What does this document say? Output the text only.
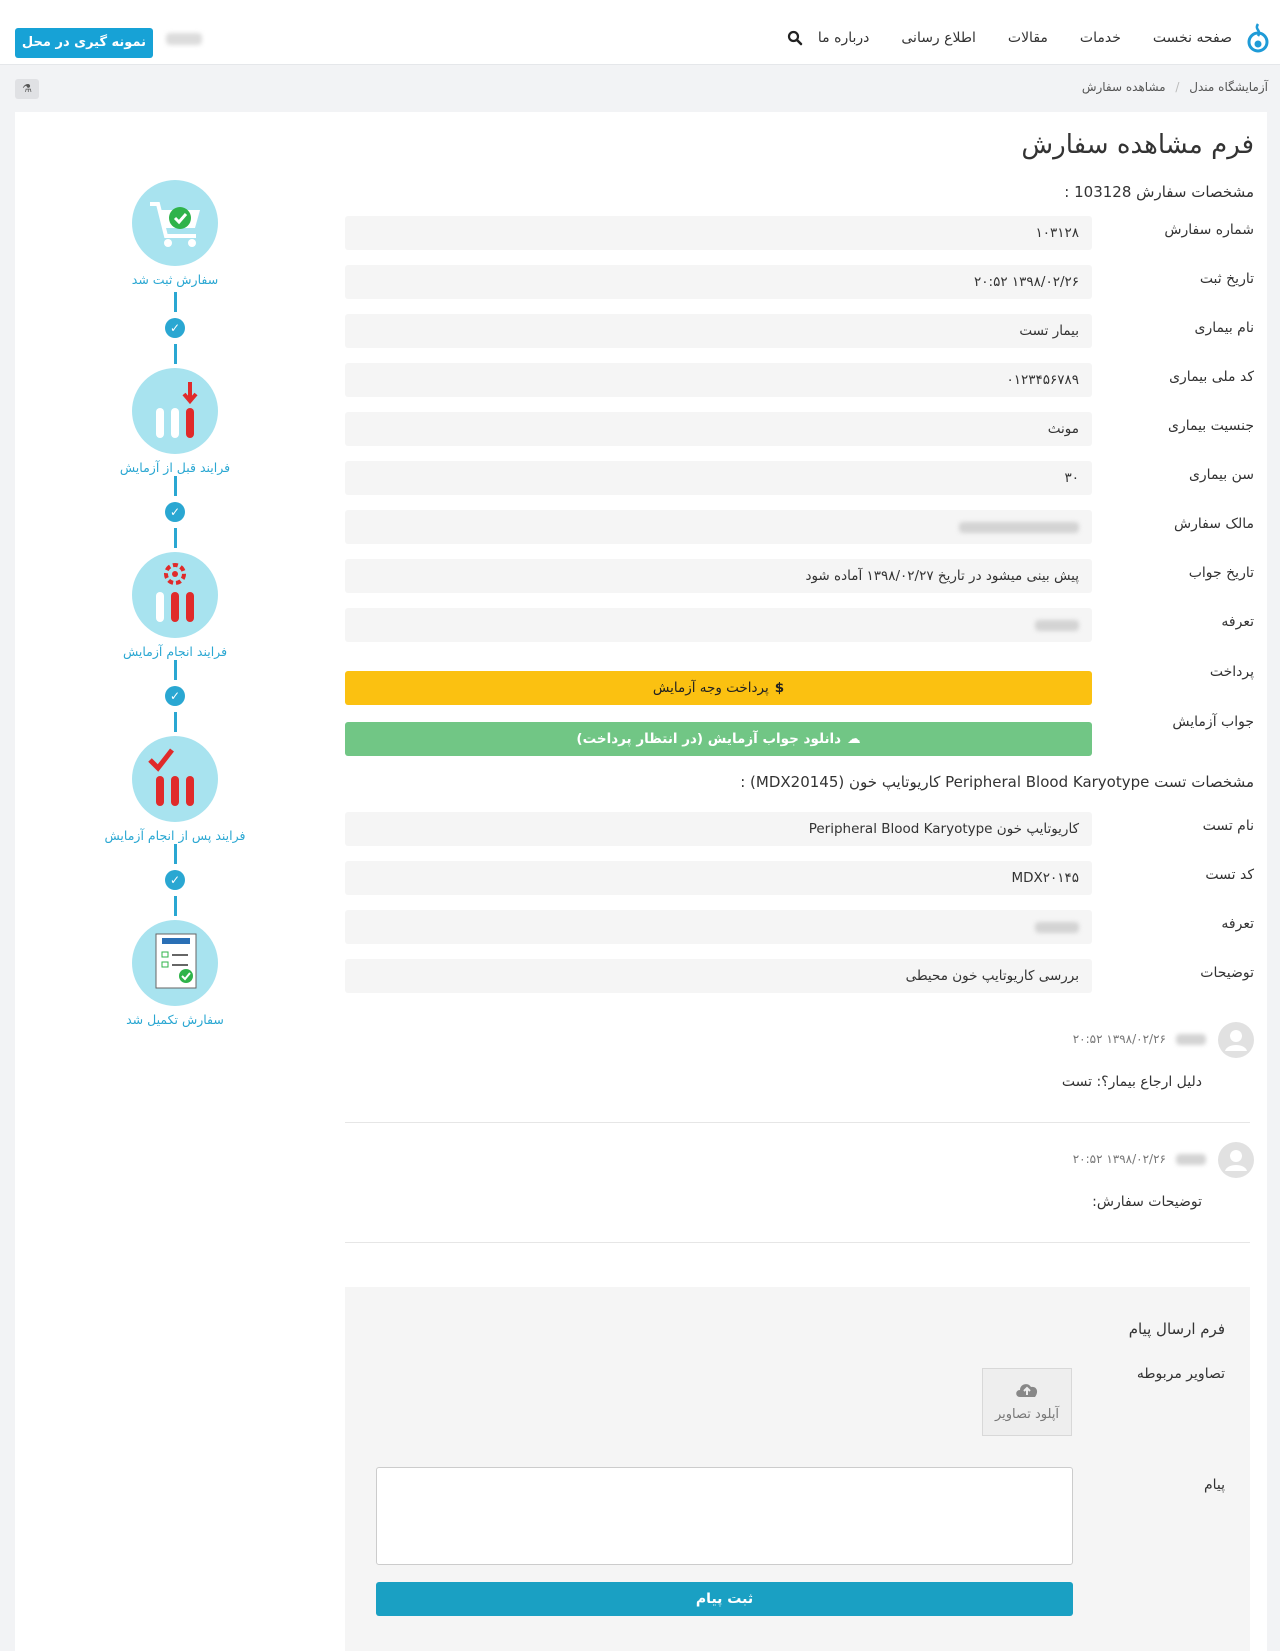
صفحه نخست
خدمات
مقالات
اطلاع رسانی
درباره ما
نمونه گیری در محل
آزمایشگاه مندل / مشاهده سفارش
⚗
فرم مشاهده سفارش
مشخصات سفارش 103128 :
شماره سفارش
۱۰۳۱۲۸
تاریخ ثبت
۱۳۹۸/۰۲/۲۶ ۲۰:۵۲
نام بیماری
بیمار تست
کد ملی بیماری
۰۱۲۳۴۵۶۷۸۹
جنسیت بیماری
مونث
سن بیماری
۳۰
مالک سفارش
تاریخ جواب
پیش بینی میشود در تاریخ ۱۳۹۸/۰۲/۲۷ آماده شود
تعرفه
پرداخت
$پرداخت وجه آزمایش
جواب آزمایش
☁دانلود جواب آزمایش (در انتظار پرداخت)
مشخصات تست Peripheral Blood Karyotype کاریوتایپ خون (MDX20145) :
نام تست
کاریوتایپ خون Peripheral Blood Karyotype
کد تست
MDX۲۰۱۴۵
تعرفه
توضیحات
بررسی کاریوتایپ خون محیطی
۱۳۹۸/۰۲/۲۶ ۲۰:۵۲
دلیل ارجاع بیمار؟: تست
۱۳۹۸/۰۲/۲۶ ۲۰:۵۲
توضیحات سفارش:
فرم ارسال پیام
تصاویر مربوطه
آپلود تصاویر
پیام
ثبت پیام
سفارش ثبت شد
✓
فرایند قبل از آزمایش
✓
فرایند انجام آزمایش
✓
فرایند پس از انجام آزمایش
✓
سفارش تکمیل شد
